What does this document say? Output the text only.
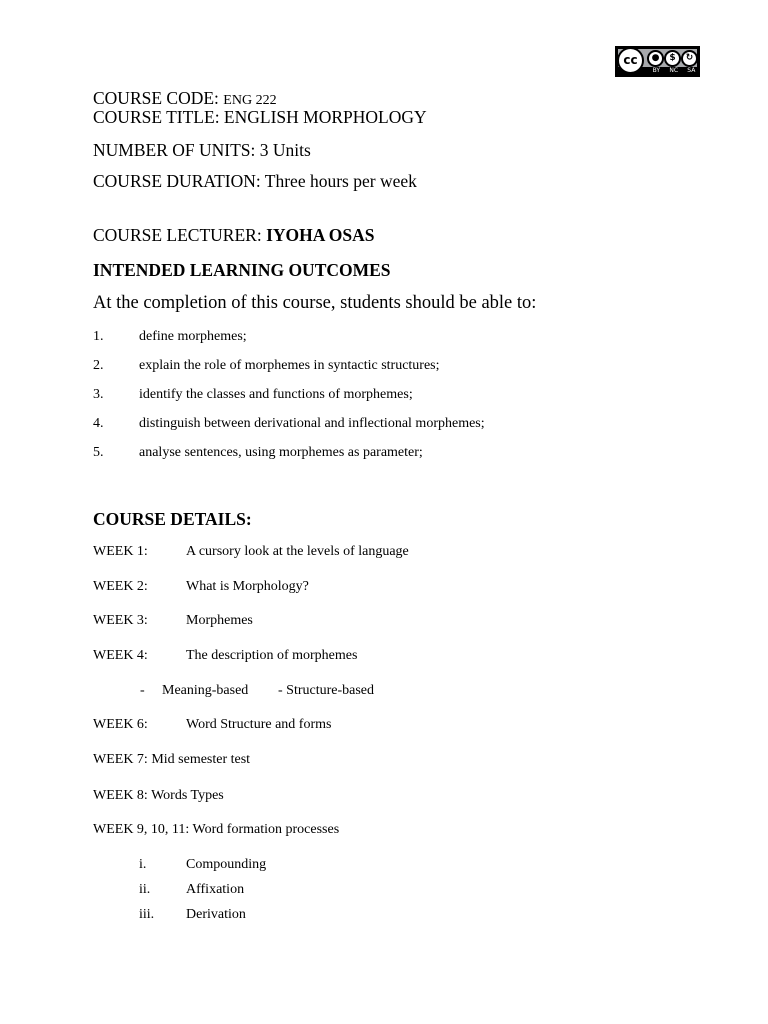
cc	●	$	↻
BY NC SA
COURSE CODE: ENG 222
COURSE TITLE: ENGLISH MORPHOLOGY
NUMBER OF UNITS: 3 Units
COURSE DURATION: Three hours per week
COURSE LECTURER: IYOHA OSAS
INTENDED LEARNING OUTCOMES
At the completion of this course, students should be able to:
1.	define morphemes;
2.	explain the role of morphemes in syntactic structures;
3.	identify the classes and functions of morphemes;
4.	distinguish between derivational and inflectional morphemes;
5.	analyse sentences, using morphemes as parameter;
COURSE DETAILS:
WEEK 1:	A cursory look at the levels of language
WEEK 2:	What is Morphology?
WEEK 3:	Morphemes
WEEK 4:	The description of morphemes
- Meaning-based - Structure-based
WEEK 6:	Word Structure and forms
WEEK 7: Mid semester test
WEEK 8: Words Types
WEEK 9, 10, 11: Word formation processes
i.	Compounding
ii.	Affixation
iii. Derivation
